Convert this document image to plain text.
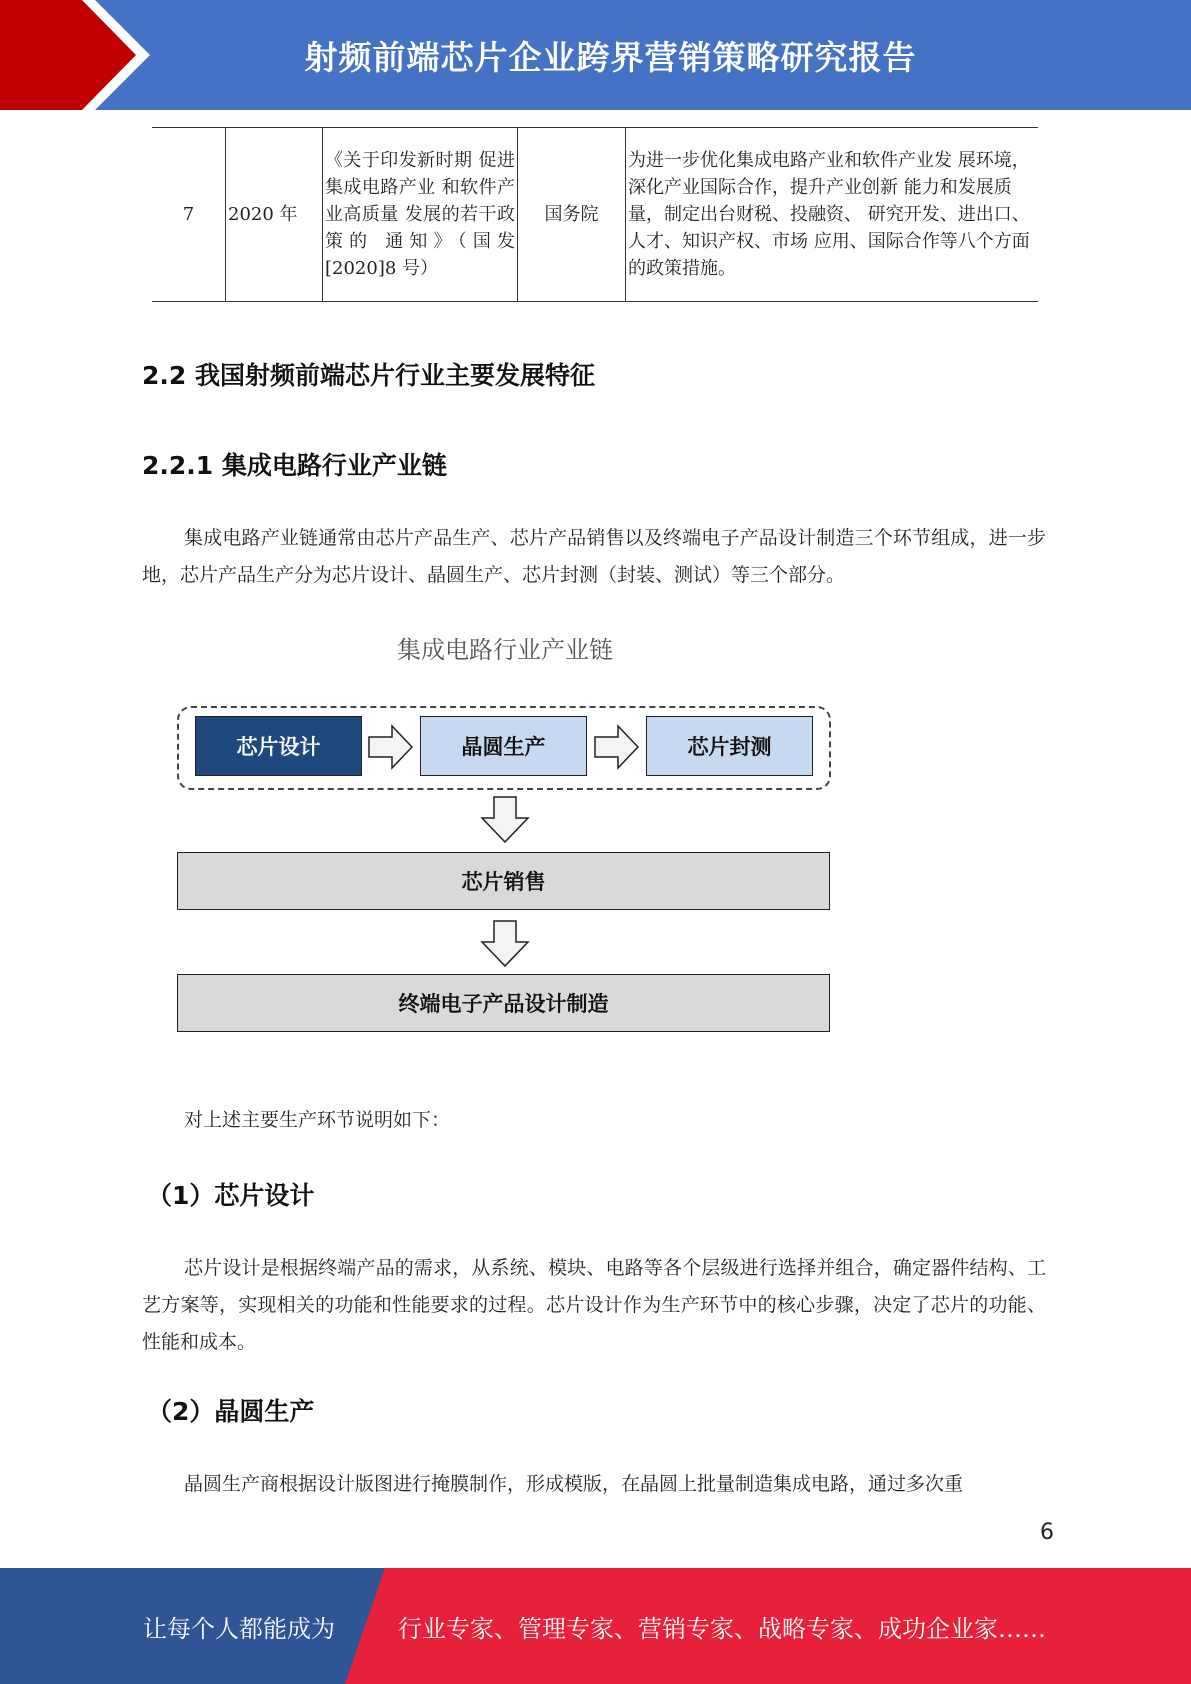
射频前端芯片企业跨界营销策略研究报告
7	2020 年	《关于印发新时期 促进集成电路产业 和软件产业高质量 发展的若干政策的 通知》（国发[2020]8 号）	国务院	为进一步优化集成电路产业和软件产业发 展环境，深化产业国际合作，提升产业创新 能力和发展质量，制定出台财税、投融资、 研究开发、进出口、人才、知识产权、市场 应用、国际合作等八个方面的政策措施。
2.2 我国射频前端芯片行业主要发展特征
2.2.1 集成电路行业产业链

集成电路产业链通常由芯片产品生产、芯片产品销售以及终端电子产品设计制造三个环节组成，进一步地，芯片产品生产分为芯片设计、晶圆生产、芯片封测（封装、测试）等三个部分。

集成电路行业产业链
芯片设计	晶圆生产	芯片封测
芯片销售
终端电子产品设计制造

对上述主要生产环节说明如下：

（1）芯片设计

芯片设计是根据终端产品的需求，从系统、模块、电路等各个层级进行选择并组合，确定器件结构、工艺方案等，实现相关的功能和性能要求的过程。芯片设计作为生产环节中的核心步骤，决定了芯片的功能、性能和成本。

（2）晶圆生产

晶圆生产商根据设计版图进行掩膜制作，形成模版，在晶圆上批量制造集成电路，通过多次重

6
让每个人都能成为	行业专家、管理专家、营销专家、战略专家、成功企业家……
